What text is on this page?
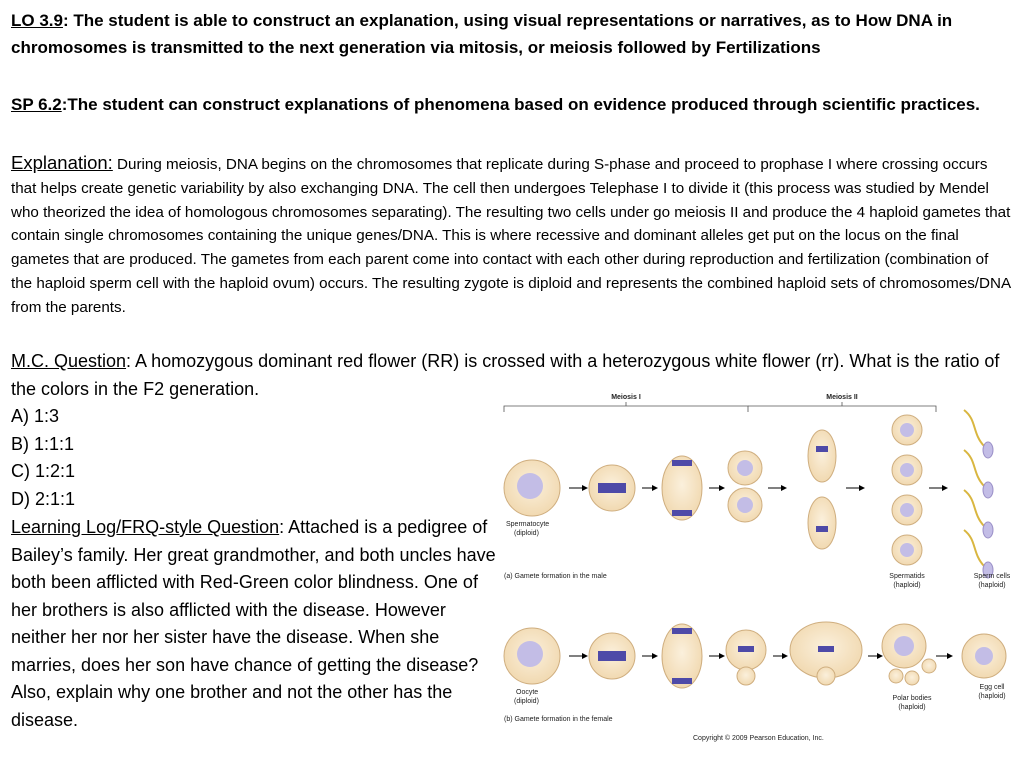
LO 3.9: The student is able to construct an explanation, using visual representations or narratives, as to How DNA in chromosomes is transmitted to the next generation via mitosis, or meiosis followed by Fertilizations

SP 6.2:The student can construct explanations of phenomena based on evidence produced through scientific practices.

Explanation: During meiosis, DNA begins on the chromosomes that replicate during S-phase and proceed to prophase I where crossing occurs that helps create genetic variability by also exchanging DNA. The cell then undergoes Telephase I to divide it (this process was studied by Mendel who theorized the idea of homologous chromosomes separating). The resulting two cells under go meiosis II and produce the 4 haploid gametes that contain single chromosomes containing the unique genes/DNA. This is where recessive and dominant alleles get put on the locus on the final gametes that are produced. The gametes from each parent come into contact with each other during reproduction and fertilization (combination of the haploid sperm cell with the haploid ovum) occurs. The resulting zygote is diploid and represents the combined haploid sets of chromosomes/DNA from the parents.

M.C. Question: A homozygous dominant red flower (RR) is crossed with a heterozygous white flower (rr). What is the ratio of the colors in the F2 generation.

A) 1:3
B) 1:1:1
C) 1:2:1
D) 2:1:1

Learning Log/FRQ-style Question: Attached is a pedigree of Bailey’s family. Her great grandmother, and both uncles have both been afflicted with Red-Green color blindness. One of her brothers is also afflicted with the disease. However neither her nor her sister have the disease. When she marries, does her son have chance of getting the disease? Also, explain why one brother and not the other has the disease.

Meiosis I	Meiosis II
Spermatocyte
(diploid)
(a) Gamete formation in the male	Spermatids
(haploid)
Sperm cells
(haploid)
Oocyte
(diploid)
(b) Gamete formation in the female
Polar bodies
(haploid)
Egg cell
(haploid)
Copyright © 2009 Pearson Education, Inc.
